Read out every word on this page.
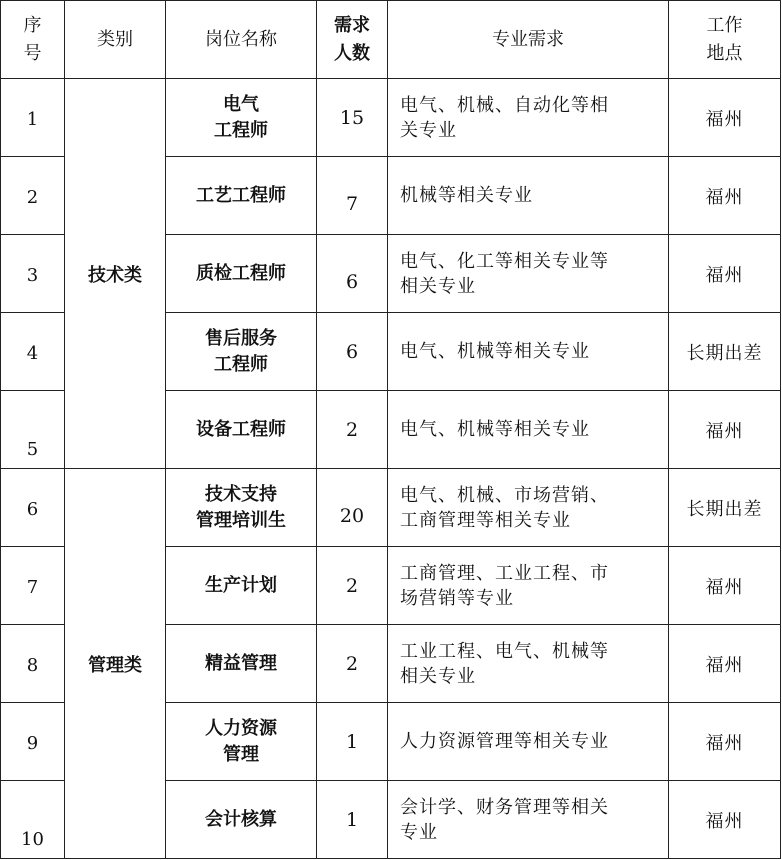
序
号	类别	岗位名称	需求
人数	专业需求	工作
地点

1	技术类	电气
工程师	15	电气、机械、自动化等相
关专业	福州
2		工艺工程师	7	机械等相关专业	福州
3		质检工程师	6	电气、化工等相关专业等
相关专业	福州
4		售后服务
工程师	6	电气、机械等相关专业	长期出差
5		设备工程师	2	电气、机械等相关专业	福州
6	管理类	技术支持
管理培训生	20	电气、机械、市场营销、
工商管理等相关专业	长期出差
7		生产计划	2	工商管理、工业工程、市
场营销等专业	福州
8		精益管理	2	工业工程、电气、机械等
相关专业	福州
9		人力资源
管理	1	人力资源管理等相关专业	福州
10		会计核算	1	会计学、财务管理等相关
专业	福州
